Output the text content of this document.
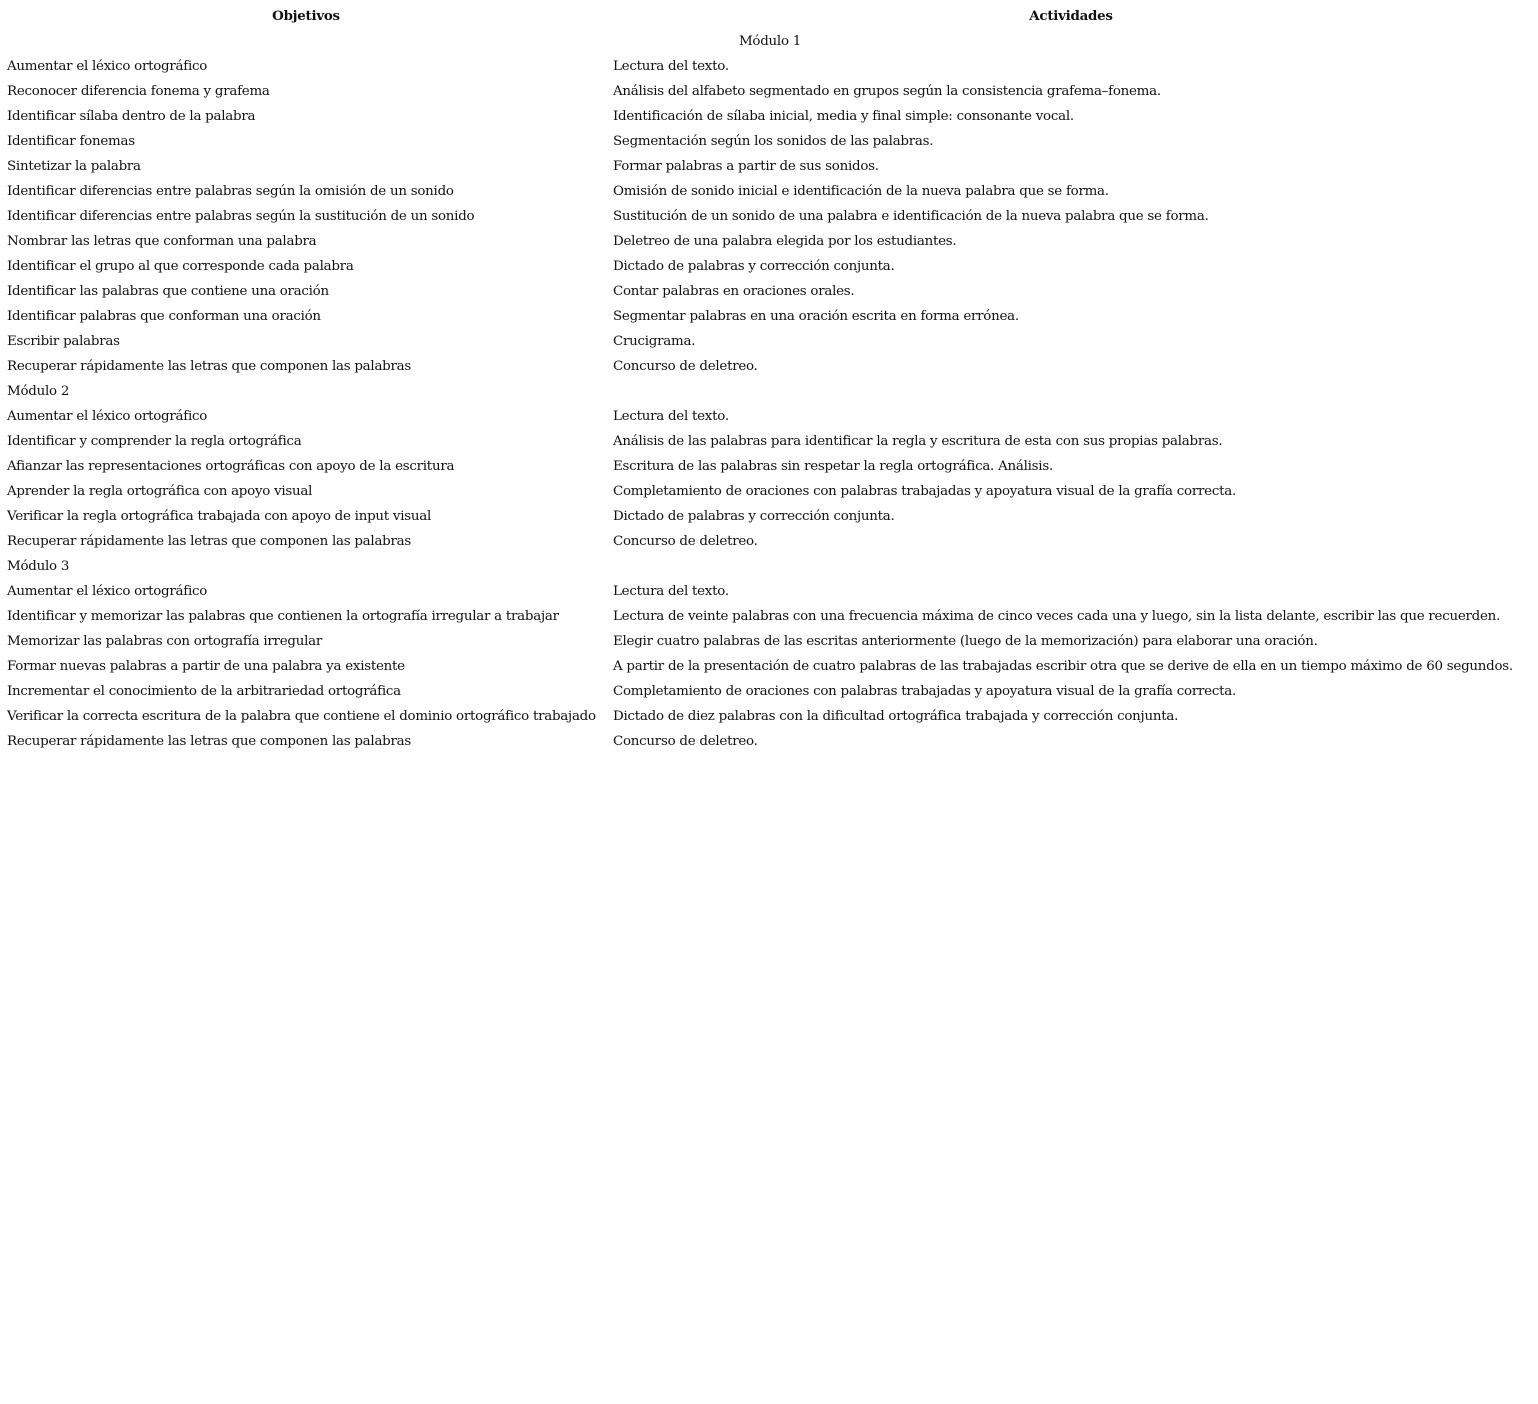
Objetivos	Actividades
Módulo 1	
Aumentar el léxico ortográfico	Lectura del texto.
Reconocer diferencia fonema y grafema	Análisis del alfabeto segmentado en grupos según la consistencia grafema–fonema.
Identificar sílaba dentro de la palabra	Identificación de sílaba inicial, media y final simple: consonante vocal.
Identificar fonemas	Segmentación según los sonidos de las palabras.
Sintetizar la palabra	Formar palabras a partir de sus sonidos.
Identificar diferencias entre palabras según la omisión de un sonido	Omisión de sonido inicial e identificación de la nueva palabra que se forma.
Identificar diferencias entre palabras según la sustitución de un sonido	Sustitución de un sonido de una palabra e identificación de la nueva palabra que se forma.
Nombrar las letras que conforman una palabra	Deletreo de una palabra elegida por los estudiantes.
Identificar el grupo al que corresponde cada palabra	Dictado de palabras y corrección conjunta.
Identificar las palabras que contiene una oración	Contar palabras en oraciones orales.
Identificar palabras que conforman una oración	Segmentar palabras en una oración escrita en forma errónea.
Escribir palabras	Crucigrama.
Recuperar rápidamente las letras que componen las palabras	Concurso de deletreo.
Módulo 2	
Aumentar el léxico ortográfico	Lectura del texto.
Identificar y comprender la regla ortográfica	Análisis de las palabras para identificar la regla y escritura de esta con sus propias palabras.
Afianzar las representaciones ortográficas con apoyo de la escritura	Escritura de las palabras sin respetar la regla ortográfica. Análisis.
Aprender la regla ortográfica con apoyo visual	Completamiento de oraciones con palabras trabajadas y apoyatura visual de la grafía correcta.
Verificar la regla ortográfica trabajada con apoyo de input visual	Dictado de palabras y corrección conjunta.
Recuperar rápidamente las letras que componen las palabras	Concurso de deletreo.
Módulo 3	
Aumentar el léxico ortográfico	Lectura del texto.
Identificar y memorizar las palabras que contienen la ortografía irregular a trabajar	Lectura de veinte palabras con una frecuencia máxima de cinco veces cada una y luego, sin la lista delante, escribir las que recuerden.
Memorizar las palabras con ortografía irregular	Elegir cuatro palabras de las escritas anteriormente (luego de la memorización) para elaborar una oración.
Formar nuevas palabras a partir de una palabra ya existente	A partir de la presentación de cuatro palabras de las trabajadas escribir otra que se derive de ella en un tiempo máximo de 60 segundos.
Incrementar el conocimiento de la arbitrariedad ortográfica	Completamiento de oraciones con palabras trabajadas y apoyatura visual de la grafía correcta.
Verificar la correcta escritura de la palabra que contiene el dominio ortográfico trabajado	Dictado de diez palabras con la dificultad ortográfica trabajada y corrección conjunta.
Recuperar rápidamente las letras que componen las palabras	Concurso de deletreo.
